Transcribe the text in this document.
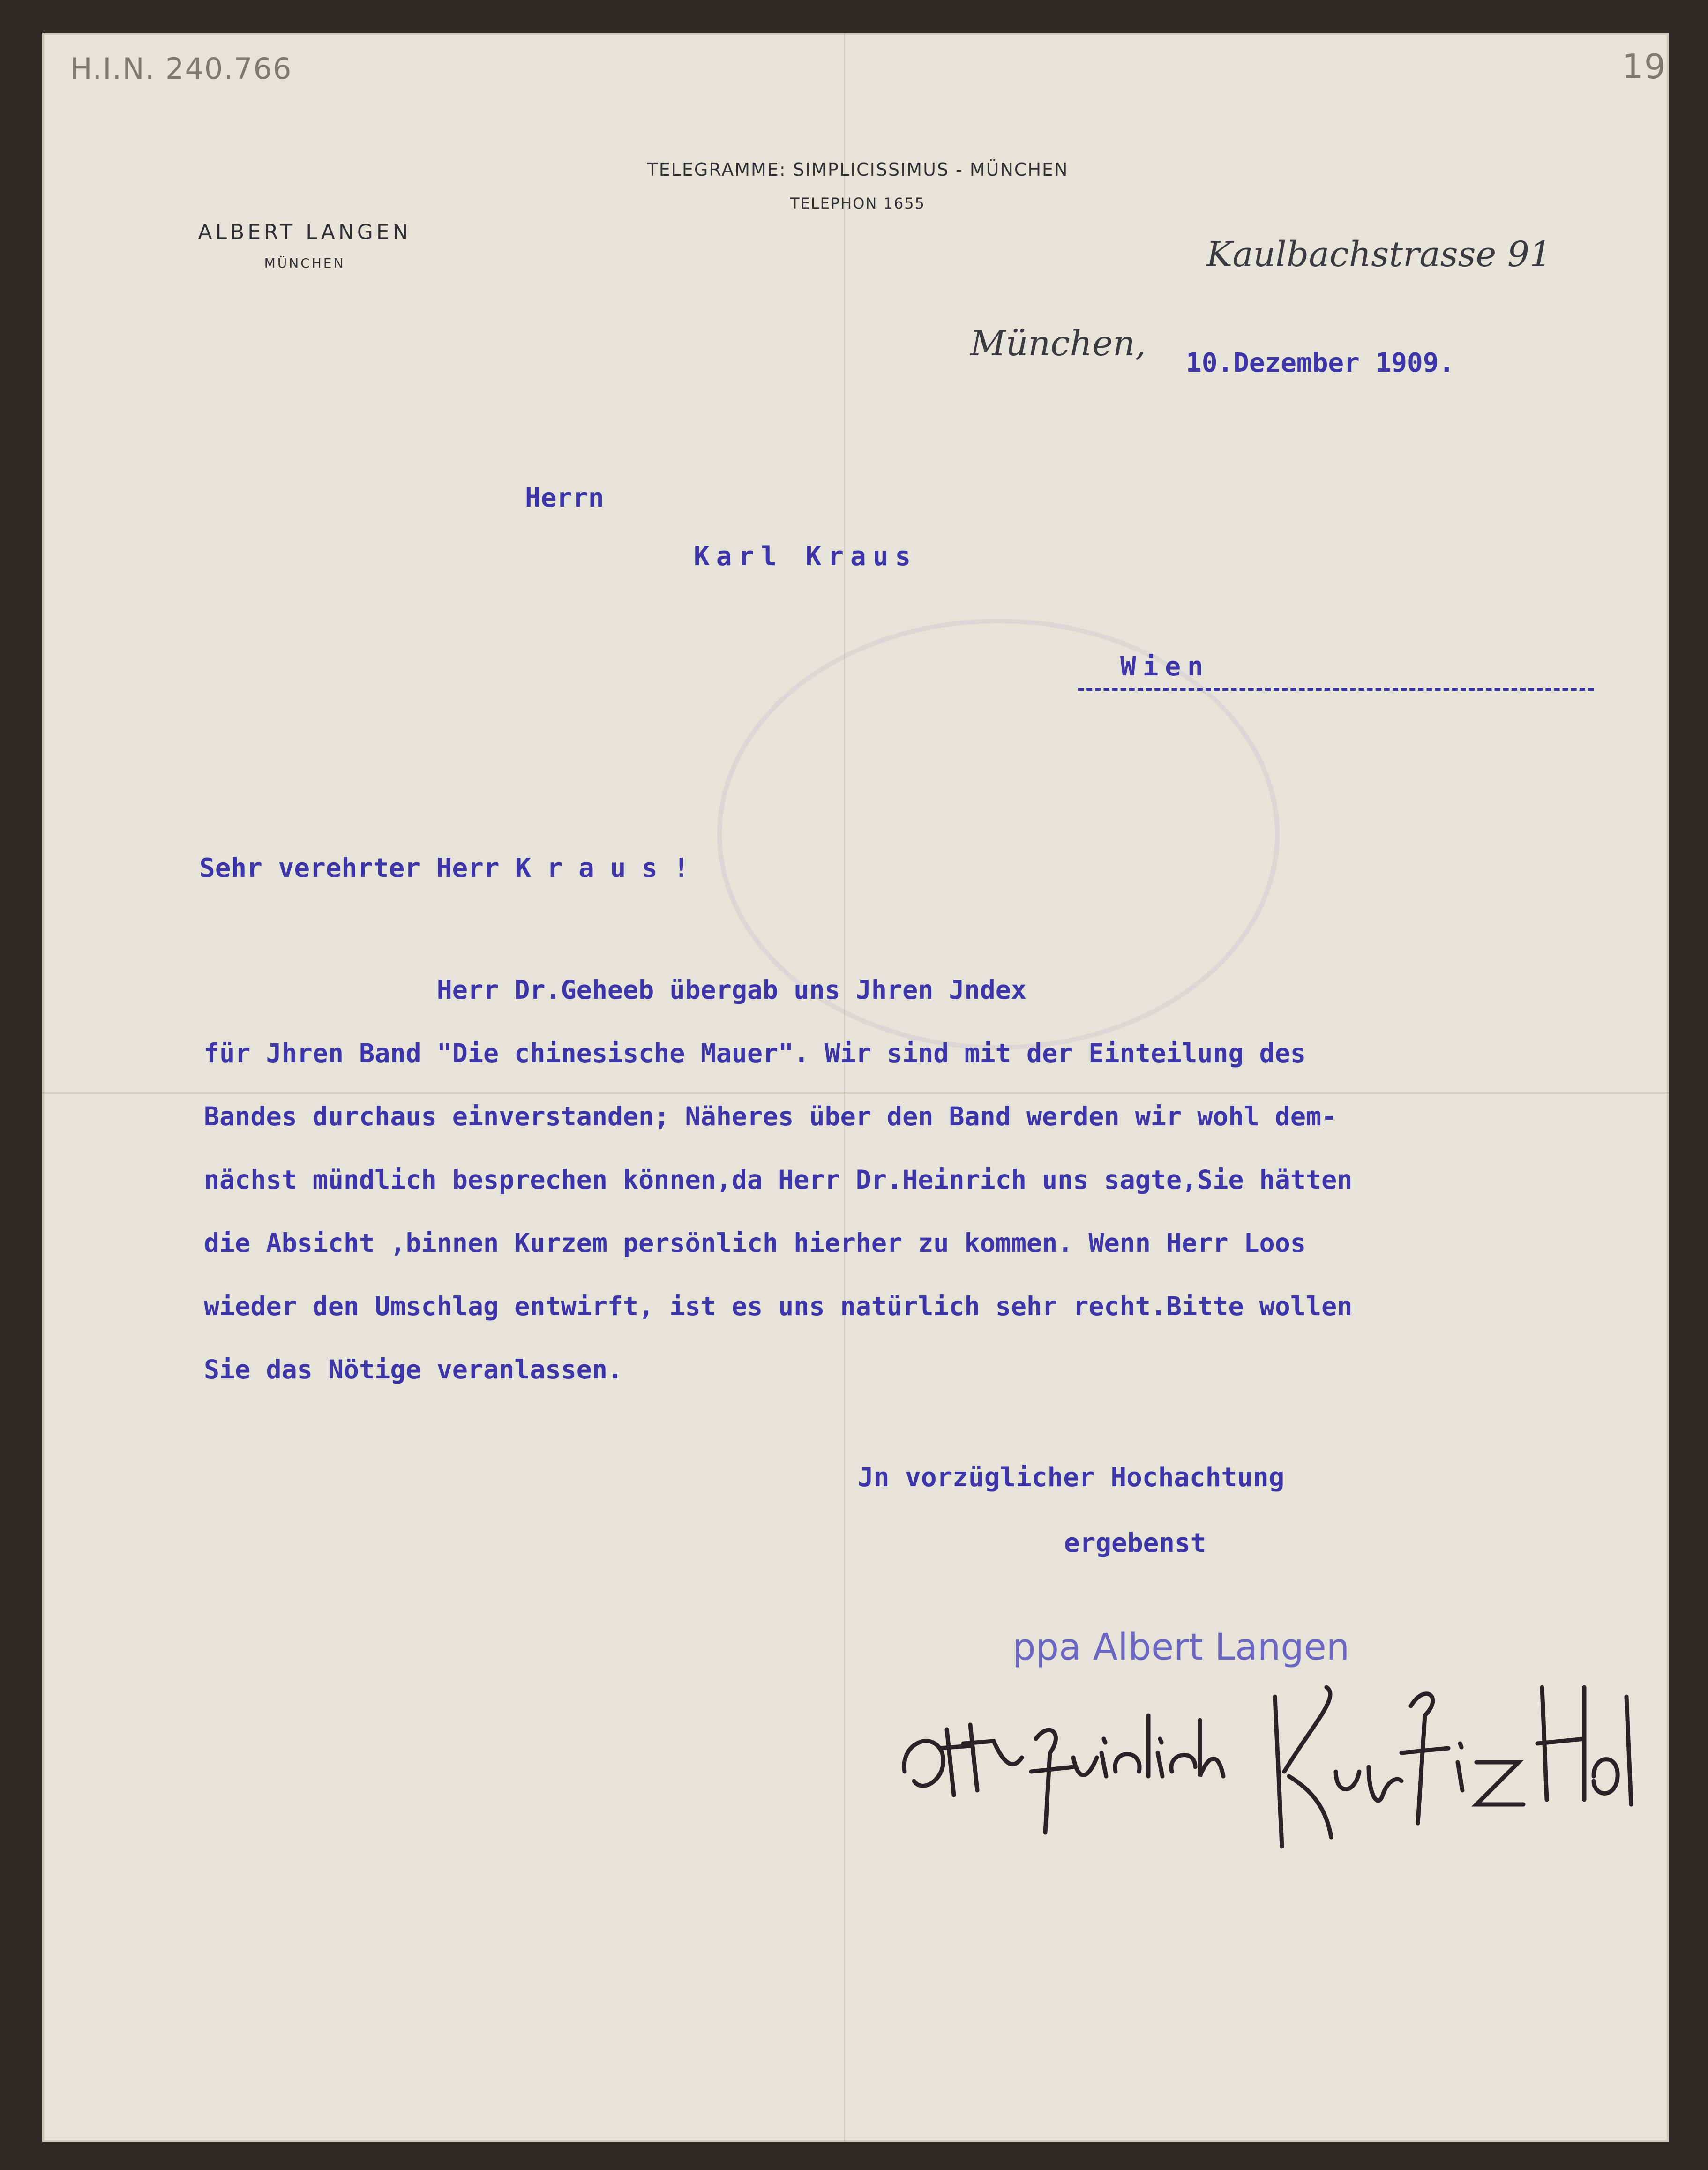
H.I.N. 240.766	19
TELEGRAMME: SIMPLICISSIMUS - MÜNCHEN
TELEPHON 1655
ALBERT LANGEN
MÜNCHEN	Kaulbachstrasse 91
München, 10.Dezember 1909.
Herrn
Karl Kraus
Wien
Sehr verehrter Herr K r a u s !
Herr Dr.Geheeb übergab uns Jhren Jndex
für Jhren Band "Die chinesische Mauer". Wir sind mit der Einteilung des
Bandes durchaus einverstanden; Näheres über den Band werden wir wohl dem-
nächst mündlich besprechen können,da Herr Dr.Heinrich uns sagte,Sie hätten
die Absicht ,binnen Kurzem persönlich hierher zu kommen. Wenn Herr Loos
wieder den Umschlag entwirft, ist es uns natürlich sehr recht.Bitte wollen
Sie das Nötige veranlassen.
Jn vorzüglicher Hochachtung
ergebenst
ppa Albert Langen
